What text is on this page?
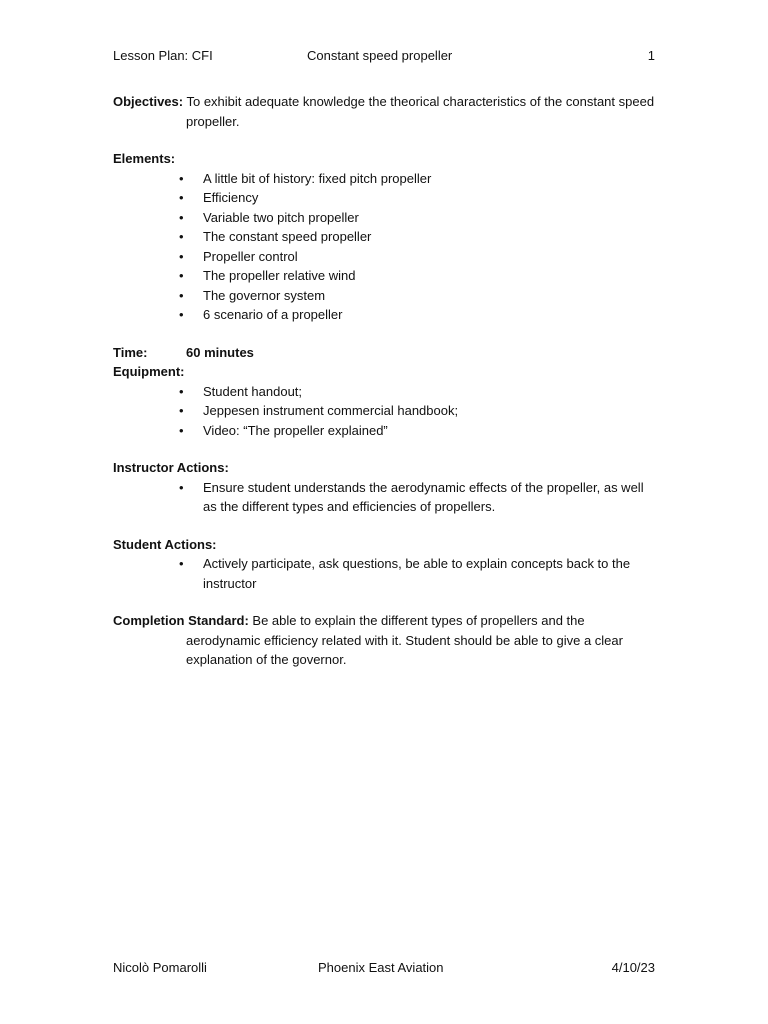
Lesson Plan: CFI	Constant speed propeller	1

Objectives: To exhibit adequate knowledge the theorical characteristics of the constant speed propeller.

Elements:

• A little bit of history: fixed pitch propeller
• Efficiency
• Variable two pitch propeller
• The constant speed propeller
• Propeller control
• The propeller relative wind
• The governor system
• 6 scenario of a propeller
Time:	60 minutes

Equipment:

• Student handout;
• Jeppesen instrument commercial handbook;
• Video: “The propeller explained”

Instructor Actions:

• Ensure student understands the aerodynamic effects of the propeller, as well as the different types and efficiencies of propellers.

Student Actions:

• Actively participate, ask questions, be able to explain concepts back to the instructor

Completion Standard: Be able to explain the different types of propellers and the aerodynamic efficiency related with it. Student should be able to give a clear explanation of the governor.

Nicolò Pomarolli	Phoenix East Aviation	4/10/23
